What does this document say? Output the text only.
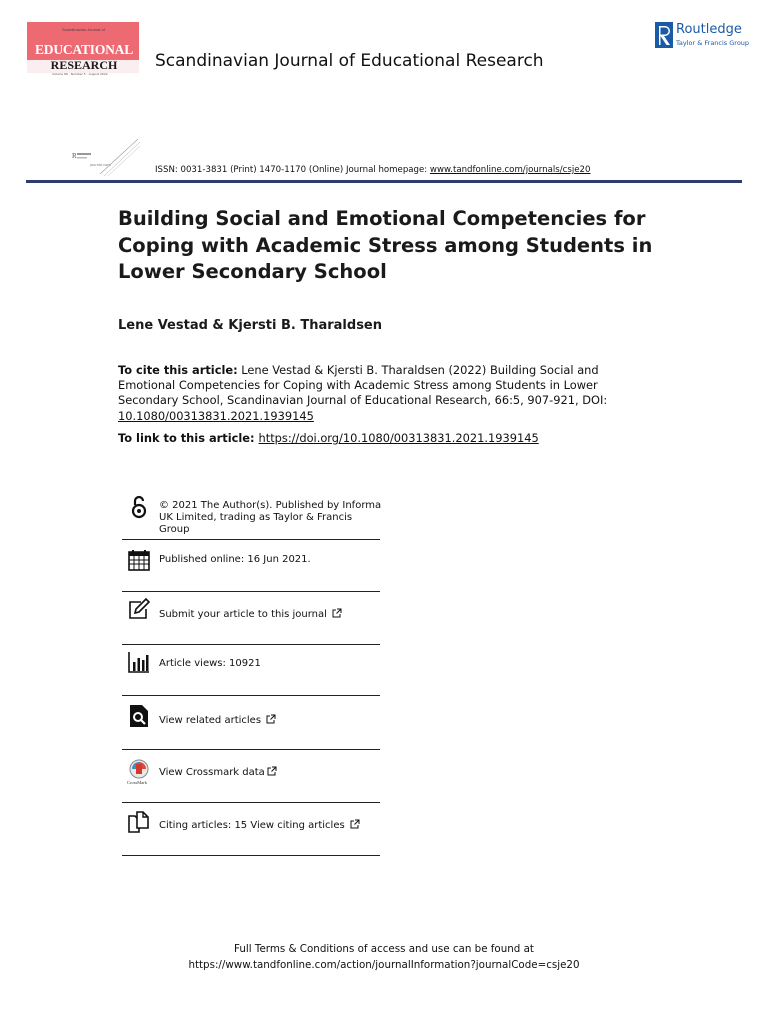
Scandinavian Journal of
EDUCATIONAL
RESEARCH
Volume 66 · Number 5 · August 2022
Scandinavian Journal of Educational Research
Routledge
Taylor & Francis Group
R
journal.com	ISSN: 0031-3831 (Print) 1470-1170 (Online) Journal homepage: www.tandfonline.com/journals/csje20
Building Social and Emotional Competencies for Coping with Academic Stress among Students in Lower Secondary School
Lene Vestad & Kjersti B. Tharaldsen
To cite this article: Lene Vestad & Kjersti B. Tharaldsen (2022) Building Social and Emotional Competencies for Coping with Academic Stress among Students in Lower Secondary School, Scandinavian Journal of Educational Research, 66:5, 907-921, DOI: 10.1080/00313831.2021.1939145
To link to this article: https://doi.org/10.1080/00313831.2021.1939145
© 2021 The Author(s). Published by Informa UK Limited, trading as Taylor & Francis Group
Published online: 16 Jun 2021.
Submit your article to this journal
Article views: 10921
View related articles
CrossMark
View Crossmark data
Citing articles: 15 View citing articles
Full Terms & Conditions of access and use can be found at
https://www.tandfonline.com/action/journalInformation?journalCode=csje20
